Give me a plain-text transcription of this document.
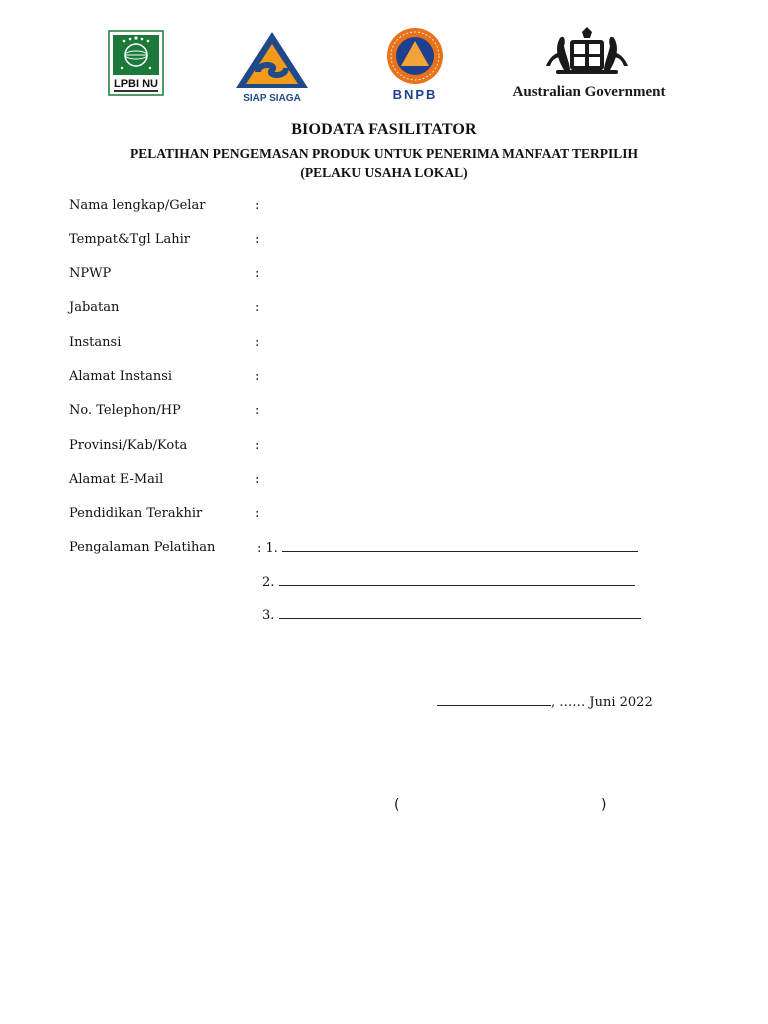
LPBI NU
SIAP SIAGA	BNPB	Australian Government
BIODATA FASILITATOR
PELATIHAN PENGEMASAN PRODUK UNTUK PENERIMA MANFAAT TERPILIH
(PELAKU USAHA LOKAL)
Nama lengkap/Gelar	:
Tempat&Tgl Lahir	:
NPWP	:
Jabatan	:
Instansi	:
Alamat Instansi	:
No. Telephon/HP	:
Provinsi/Kab/Kota	:
Alamat E-Mail	:
Pendidikan Terakhir	:
Pengalaman Pelatihan	: 1.
2.
3.
, …… Juni 2022
(	)
